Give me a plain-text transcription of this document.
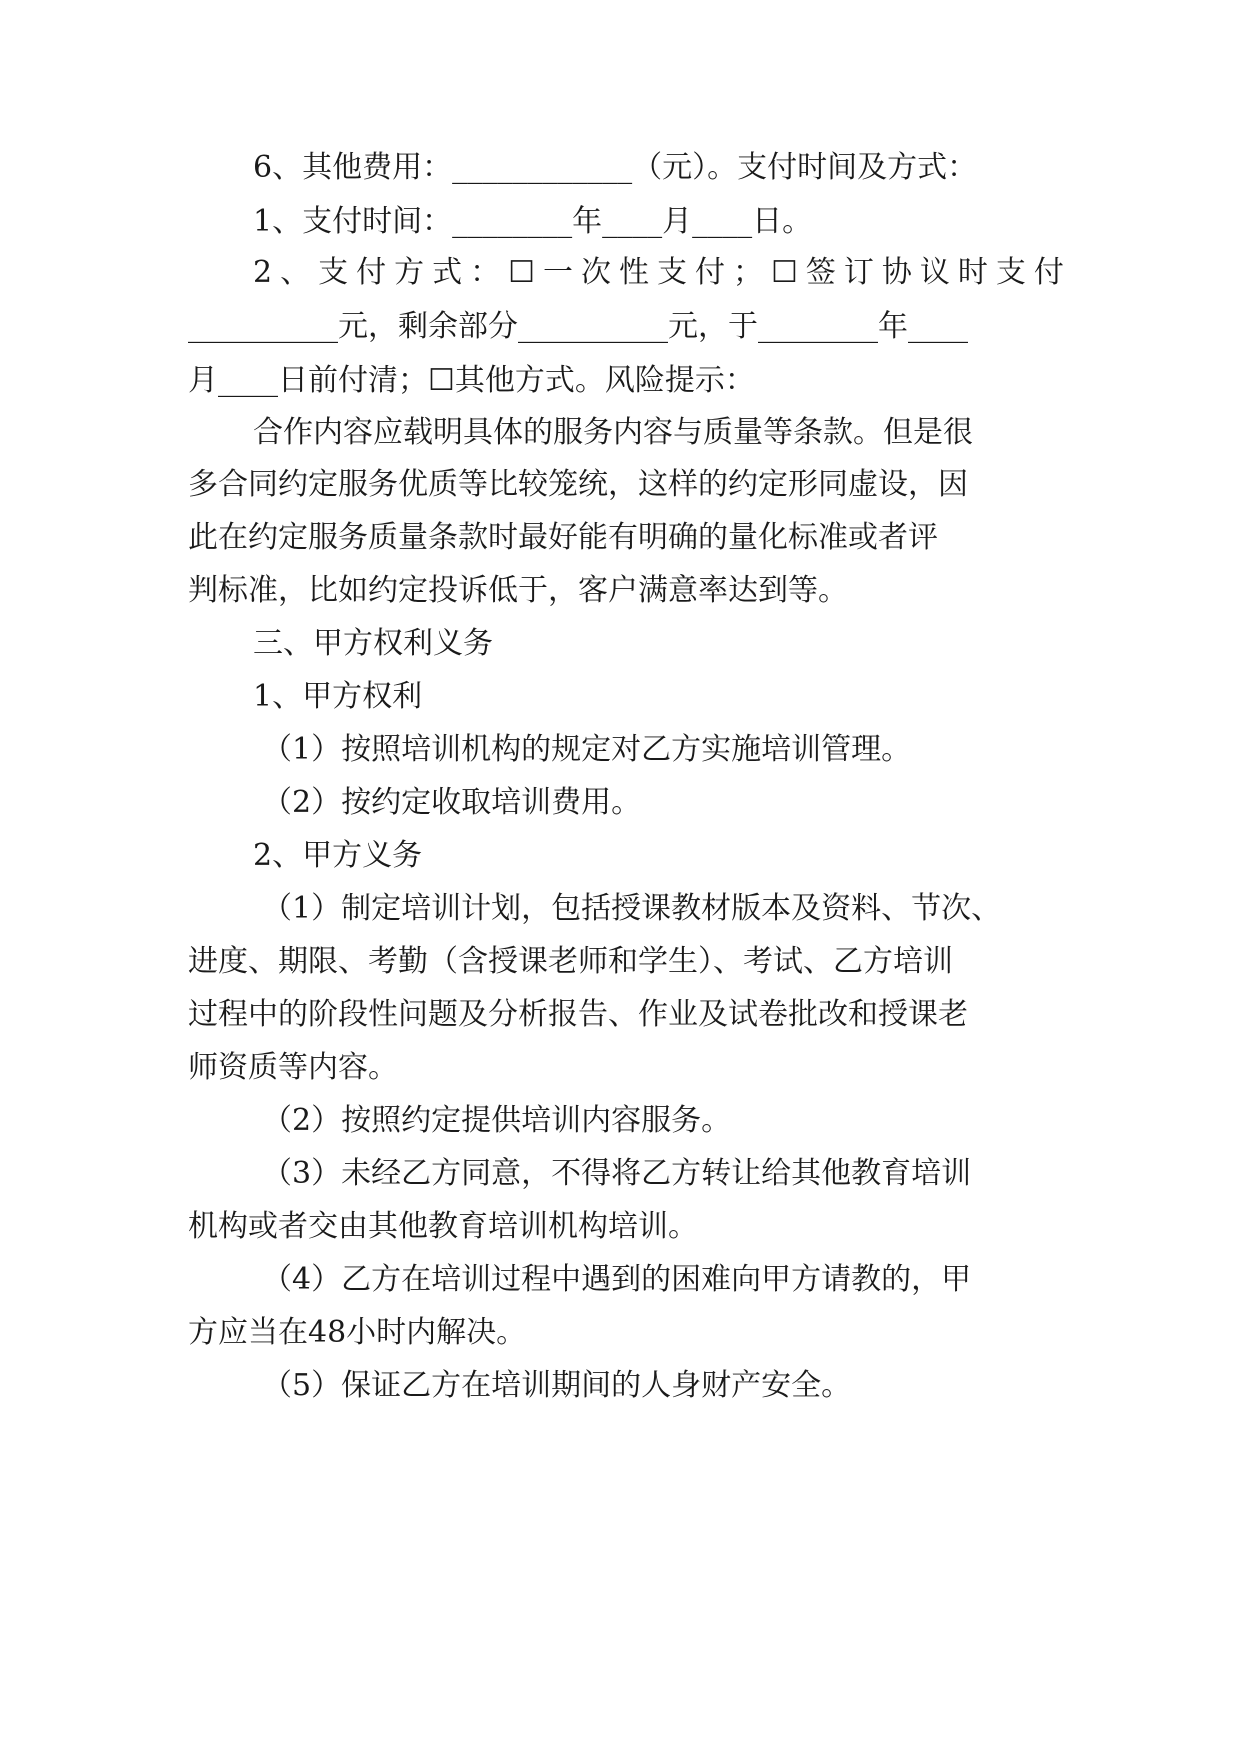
6、其他费用：____________（元）。支付时间及方式：
1、支付时间：________年____月____日。
2、支付方式：☐一次性支付；☐签订协议时支付
__________元，剩余部分__________元，于________年____
月____日前付清；☐其他方式。风险提示：
合作内容应载明具体的服务内容与质量等条款。但是很
多合同约定服务优质等比较笼统，这样的约定形同虚设，因
此在约定服务质量条款时最好能有明确的量化标准或者评
判标准，比如约定投诉低于，客户满意率达到等。
三、甲方权利义务
1、甲方权利
（1）按照培训机构的规定对乙方实施培训管理。
（2）按约定收取培训费用。
2、甲方义务
（1）制定培训计划，包括授课教材版本及资料、节次、
进度、期限、考勤（含授课老师和学生）、考试、乙方培训
过程中的阶段性问题及分析报告、作业及试卷批改和授课老
师资质等内容。
（2）按照约定提供培训内容服务。
（3）未经乙方同意，不得将乙方转让给其他教育培训
机构或者交由其他教育培训机构培训。
（4）乙方在培训过程中遇到的困难向甲方请教的，甲
方应当在48小时内解决。
（5）保证乙方在培训期间的人身财产安全。
